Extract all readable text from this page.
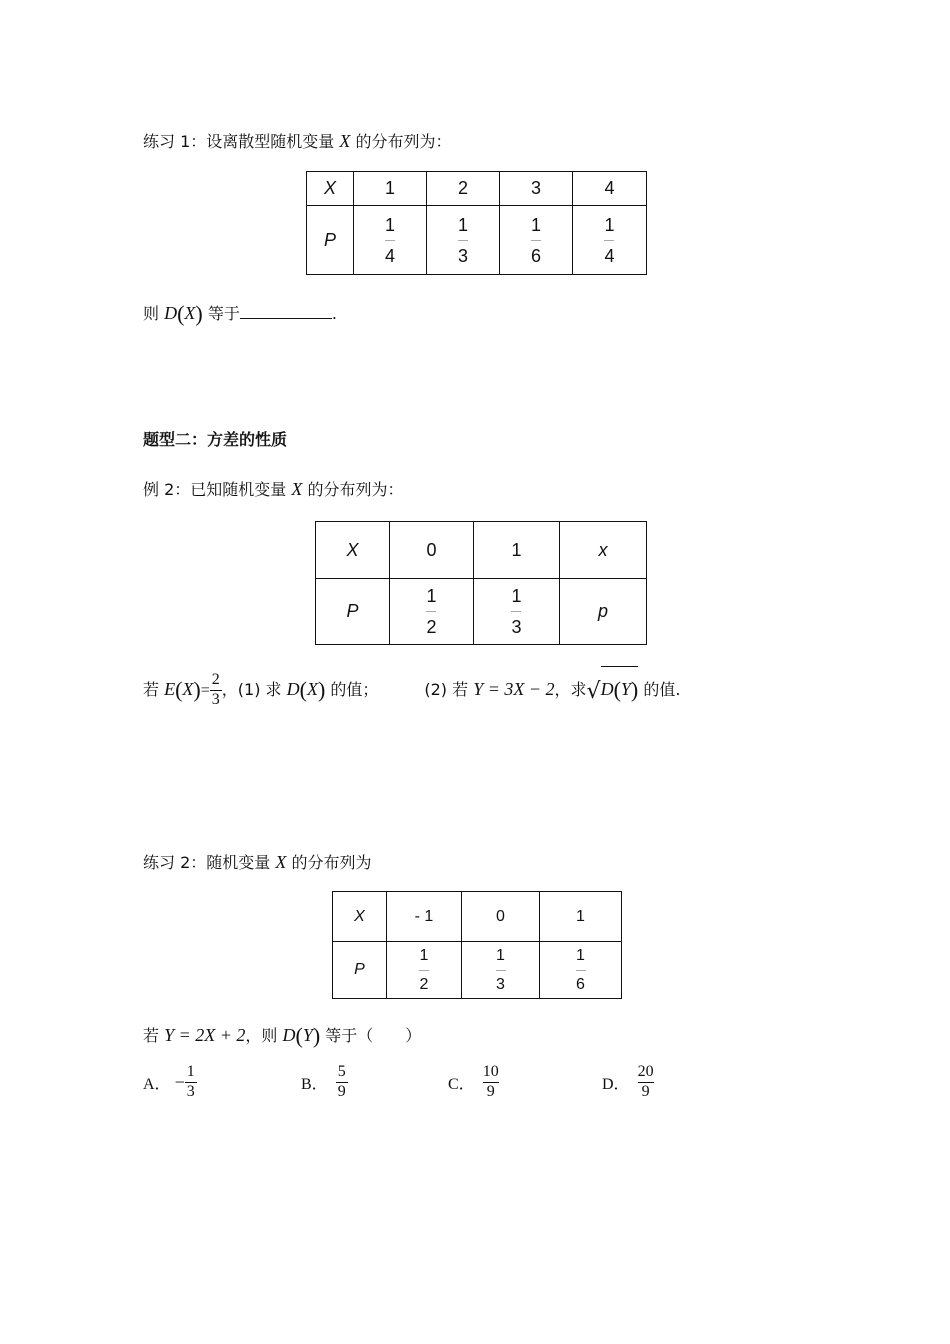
练习 1：设离散型随机变量 X 的分布列为：
X	1	2	3	4
P	$\frac{1}{4}$	$\frac{1}{3}$	$\frac{1}{6}$	$\frac{1}{4}$
则 D(X) 等于	.
题型二：方差的性质
例 2：已知随机变量 X 的分布列为：
X	0	1	x
P	$\frac{1}{2}$	$\frac{1}{3}$	p
若 $E(X)= \frac{2}{3}$ ，(1) 求 D(X) 的值；	(2) 若 Y = 3X − 2，求√D(Y) 的值.
练习 2：随机变量 X 的分布列为
X	- 1	0	1
P	$\frac{1}{2}$	$\frac{1}{3}$	$\frac{1}{6}$
若 Y = 2X + 2，则 D(Y) 等于（　　）
A． − $\frac{1}{3}$	B． $\frac{5}{9}$	C． $\frac{10}{9}$	D． $\frac{20}{9}$
